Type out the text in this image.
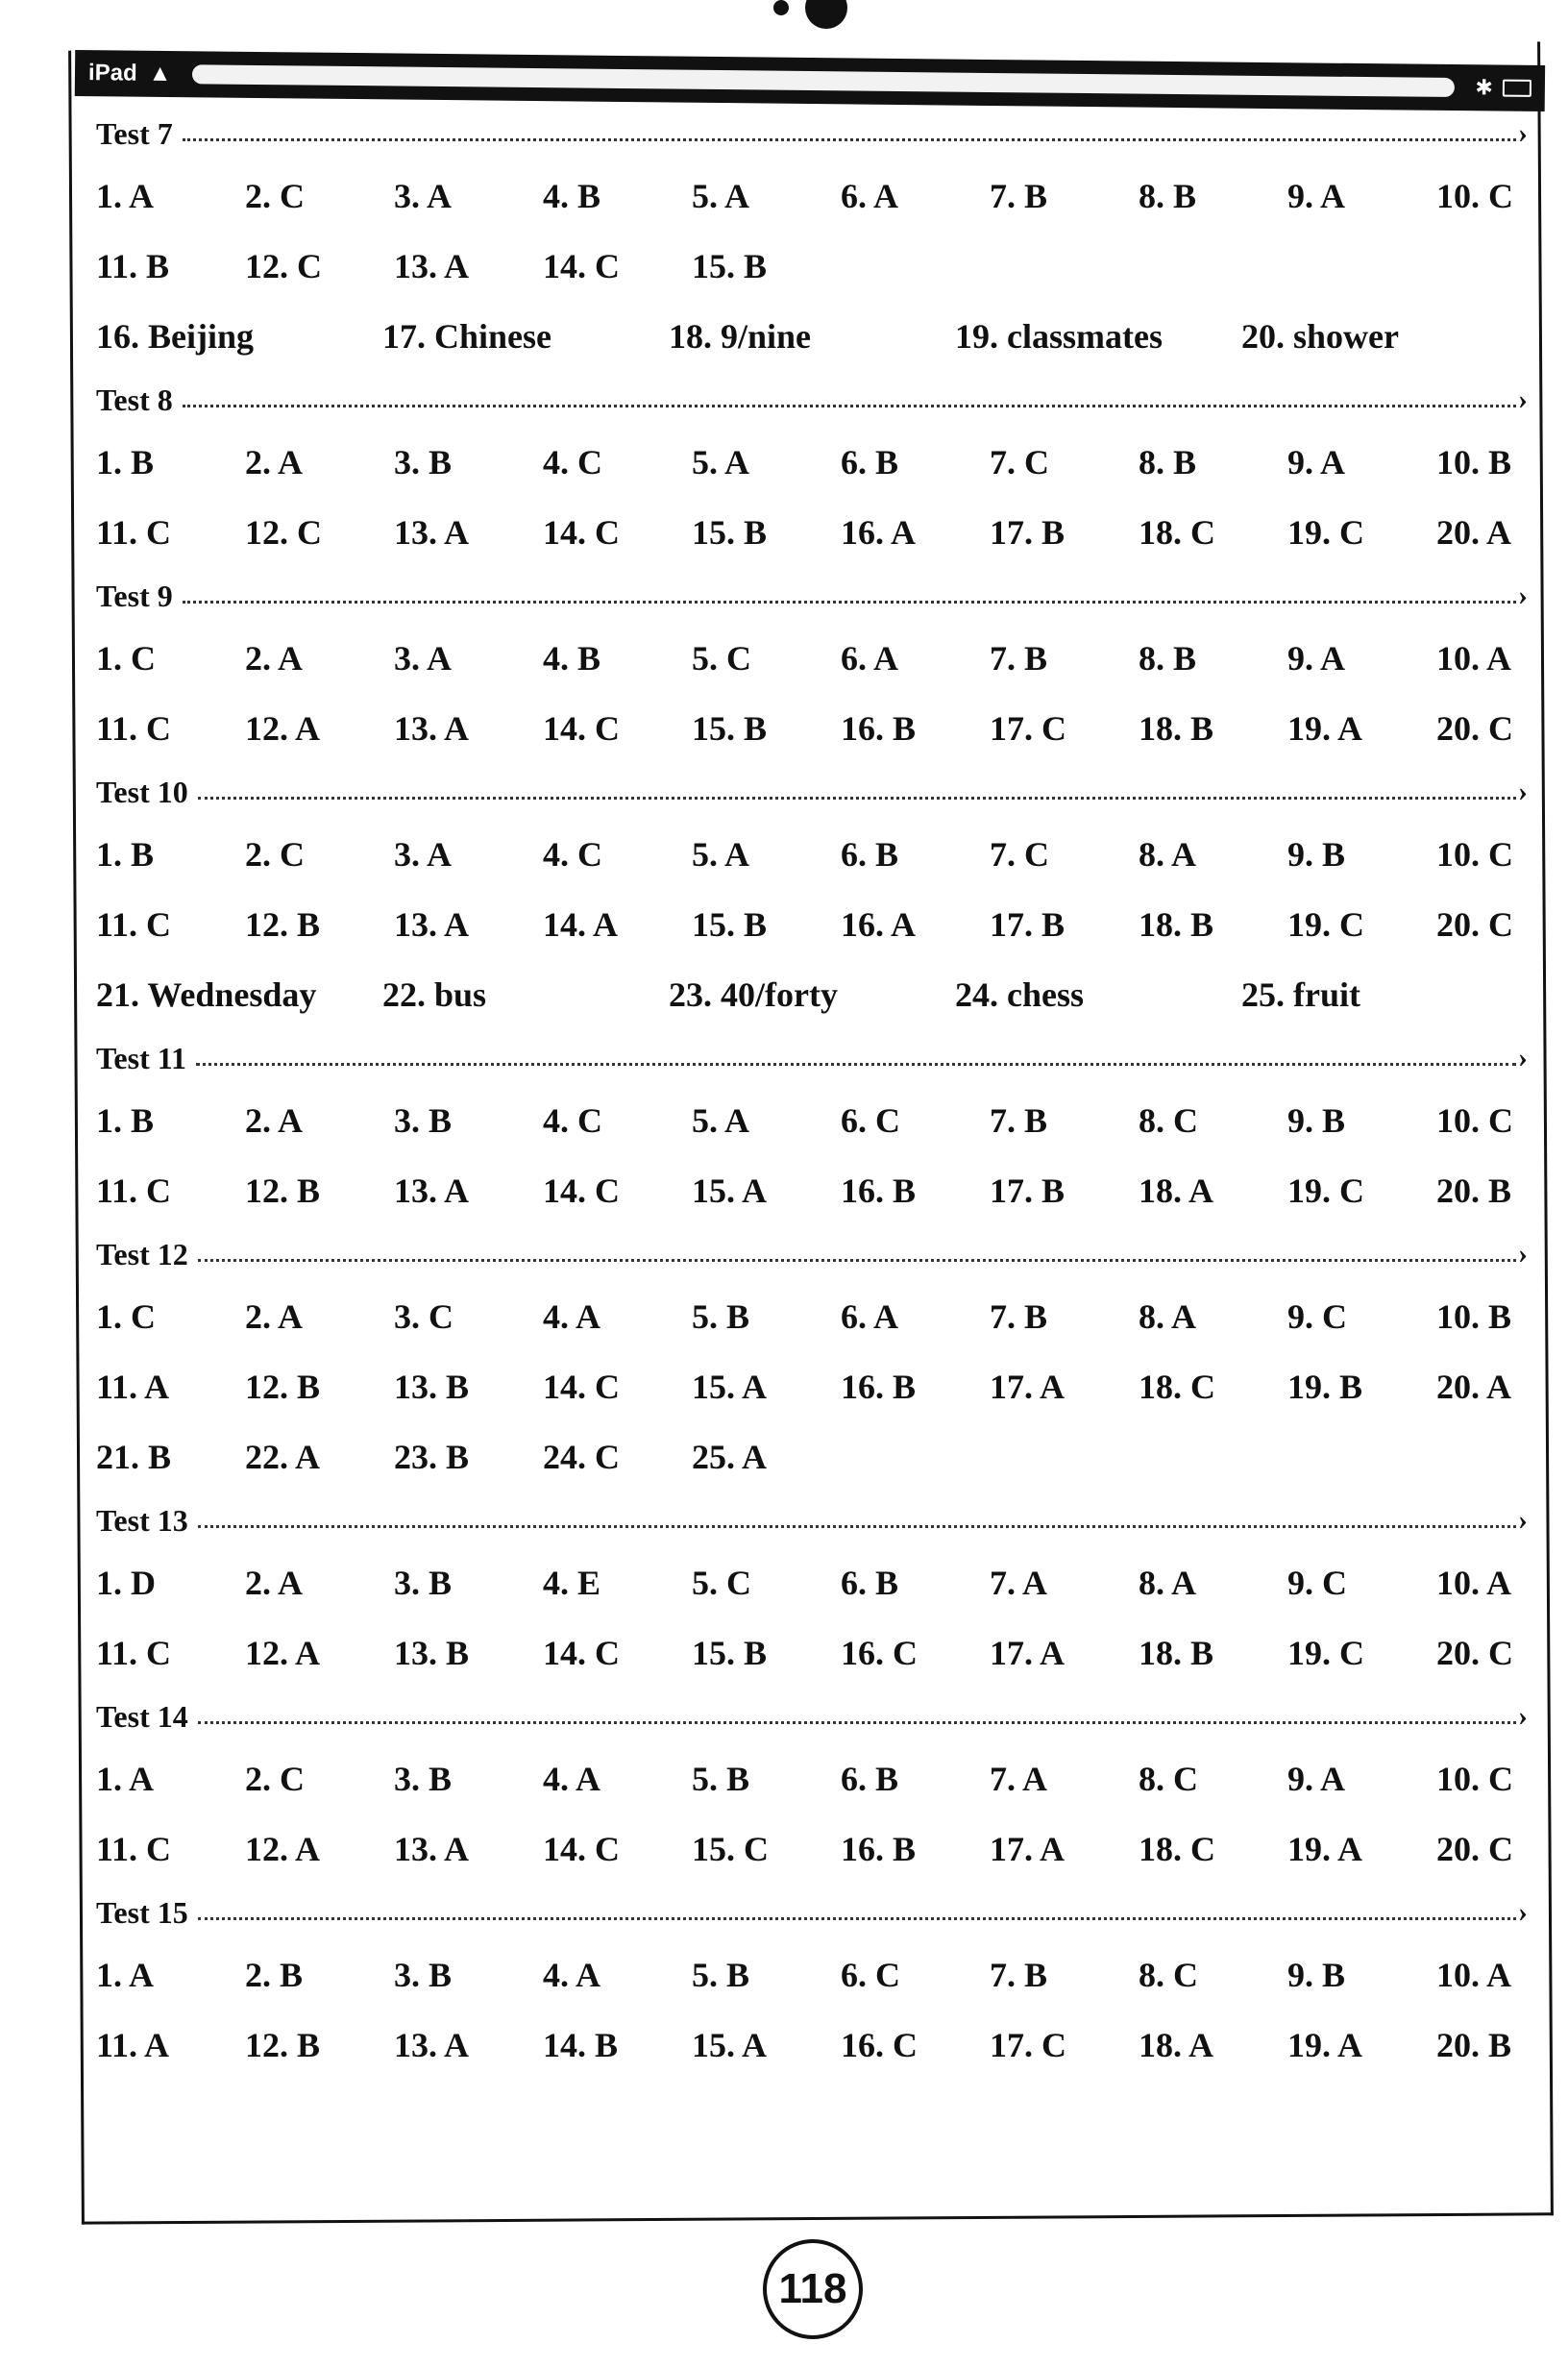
iPad ▲
✱
Test 7	›
1. A	2. C	3. A	4. B	5. A	6. A	7. B	8. B	9. A	10. C
11. B	12. C	13. A	14. C	15. B
16. Beijing	17. Chinese	18. 9/nine	19. classmates	20. shower
Test 8	›
1. B	2. A	3. B	4. C	5. A	6. B	7. C	8. B	9. A	10. B
11. C	12. C	13. A	14. C	15. B	16. A	17. B	18. C	19. C	20. A
Test 9	›
1. C	2. A	3. A	4. B	5. C	6. A	7. B	8. B	9. A	10. A
11. C	12. A	13. A	14. C	15. B	16. B	17. C	18. B	19. A	20. C
Test 10	›
1. B	2. C	3. A	4. C	5. A	6. B	7. C	8. A	9. B	10. C
11. C	12. B	13. A	14. A	15. B	16. A	17. B	18. B	19. C	20. C
21. Wednesday	22. bus	23. 40/forty	24. chess	25. fruit
Test 11	›
1. B	2. A	3. B	4. C	5. A	6. C	7. B	8. C	9. B	10. C
11. C	12. B	13. A	14. C	15. A	16. B	17. B	18. A	19. C	20. B
Test 12	›
1. C	2. A	3. C	4. A	5. B	6. A	7. B	8. A	9. C	10. B
11. A	12. B	13. B	14. C	15. A	16. B	17. A	18. C	19. B	20. A
21. B	22. A	23. B	24. C	25. A
Test 13	›
1. D	2. A	3. B	4. E	5. C	6. B	7. A	8. A	9. C	10. A
11. C	12. A	13. B	14. C	15. B	16. C	17. A	18. B	19. C	20. C
Test 14	›
1. A	2. C	3. B	4. A	5. B	6. B	7. A	8. C	9. A	10. C
11. C	12. A	13. A	14. C	15. C	16. B	17. A	18. C	19. A	20. C
Test 15	›
1. A	2. B	3. B	4. A	5. B	6. C	7. B	8. C	9. B	10. A
11. A	12. B	13. A	14. B	15. A	16. C	17. C	18. A	19. A	20. B
118
